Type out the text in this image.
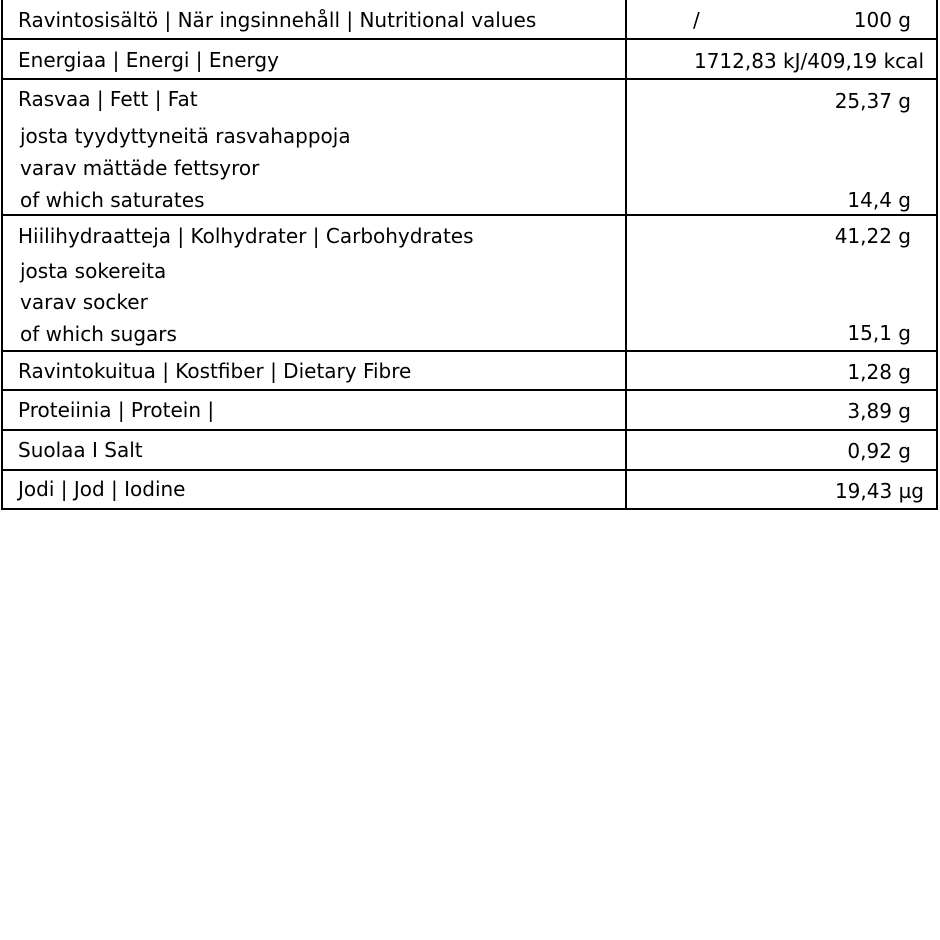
Ravintosisältö | När ingsinnehåll | Nutritional values	/	100 g
Energiaa | Energi | Energy	1712,83 kJ/409,19 kcal
Rasvaa | Fett | Fat	25,37 g
josta tyydyttyneitä rasvahappoja
varav mättäde fettsyror
of which saturates	14,4 g
Hiilihydraatteja | Kolhydrater | Carbohydrates	41,22 g
josta sokereita
varav socker
of which sugars	15,1 g
Ravintokuitua | Kostfiber | Dietary Fibre	1,28 g
Proteiinia | Protein |	3,89 g
Suolaa I Salt	0,92 g
Jodi | Jod | Iodine	19,43 µg
